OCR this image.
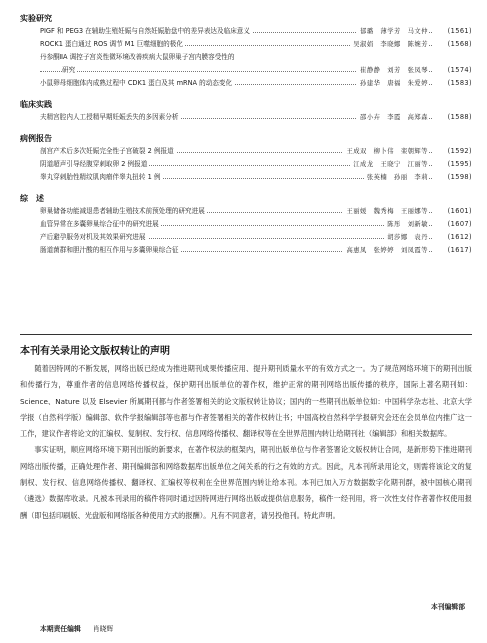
实验研究
PIGF 和 PEG3 在辅助生殖妊娠与自然妊娠胎盘中的差异表达及临床意义	郁璐　薄学芳　马文仲	(1561)
ROCK1 蛋白通过 ROS 调节 M1 巨噬细胞的极化	吴淑娟　李晓娜　陈婉芳	(1568)
丹参酮ⅡA 调控子宫炎性微环境改善疾病大鼠卵巢子宫内膜容受性的
研究	崔静静　刘芳　张凤琴	(1574)
小鼠卵母细胞体内成熟过程中 CDK1 蛋白及其 mRNA 的动态变化	孙建华　唐福　朱爱婷	(1583)
临床实践
夫精宫腔内人工授精早期妊娠丢失的多因素分析	邵小卉　李霞　高郑森	(1588)
病例报告
剖宫产术后多次妊娠完全性子宫破裂 2 例报道	王成双　柳卜伟　栾朝辉等	(1592)
阴道超声引导经腹穿刺取卵 2 例报道	江成龙　王晓宁　江丽等	(1595)
睾丸穿刺胎性精纹肌肉瘤伴睾丸扭转 1 例	张英楠　孙丽　李莉	(1598)
综　述
卵巢储备功能减退患者辅助生殖技术前预处理的研究进展	王丽媛　魏秀梅　王丽娜等	(1601)
血管异常在多囊卵巢综合征中的研究进展	陈彤　刘新敏	(1607)
产后避孕服务对机及其效果研究进展	胡莎娜　袁丹	(1612)
肠道菌群和胆汁酸的相互作用与多囊卵巢综合征	高惠凤　张婷婷　刘凤霞等	(1617)
本刊有关录用论文版权转让的声明

随着因特网的不断发展，网络出版已经成为推进期刊成果传播应用、提升期刊质量水平的有效方式之一。为了规范网络环境下的期刊出版和传播行为，尊重作者的信息网络传播权益，保护期刊出版单位的著作权，维护正常的期刊网络出版传播的秩序，国际上著名期刊如：Science、Nature 以及 Elsevier 所属期刊都与作者签署相关的论文版权转让协议；国内的一些期刊出版单位如：中国科学杂志社、北京大学学报（自然科学版）编辑部、软件学报编辑部等也都与作者签署相关的著作权转让书；中国高校自然科学学报研究会还在会员单位内推广这一工作，建议作者将论文的汇编权、复制权、发行权、信息网络传播权、翻译权等在全世界范围内转让给期刊社（编辑部）和相关数据库。

事实证明，顺应网络环境下期刊出版的新要求，在著作权法的框架内，期刊出版单位与作者签署论文版权转让合同，是新形势下推进期刊网络出版传播，正确处理作者、期刊编辑部和网络数据库出版单位之间关系的行之有效的方式。因此，凡本刊所录用论文，则需将该论文的复制权、发行权、信息网络传播权、翻译权、汇编权等权利在全世界范围内转让给本刊。本刊已加入万方数据数字化期刊群，被中国核心期刊（遴选）数据库收录。凡被本刊录用的稿件将同时通过因特网进行网络出版或提供信息服务，稿件一经刊用，将一次性支付作者著作权使用报酬（即包括印刷版、光盘版和网络版各种使用方式的报酬）。凡有不同意者，请另投他刊。特此声明。

本刊编辑部
本期责任编辑 肖晓辉
